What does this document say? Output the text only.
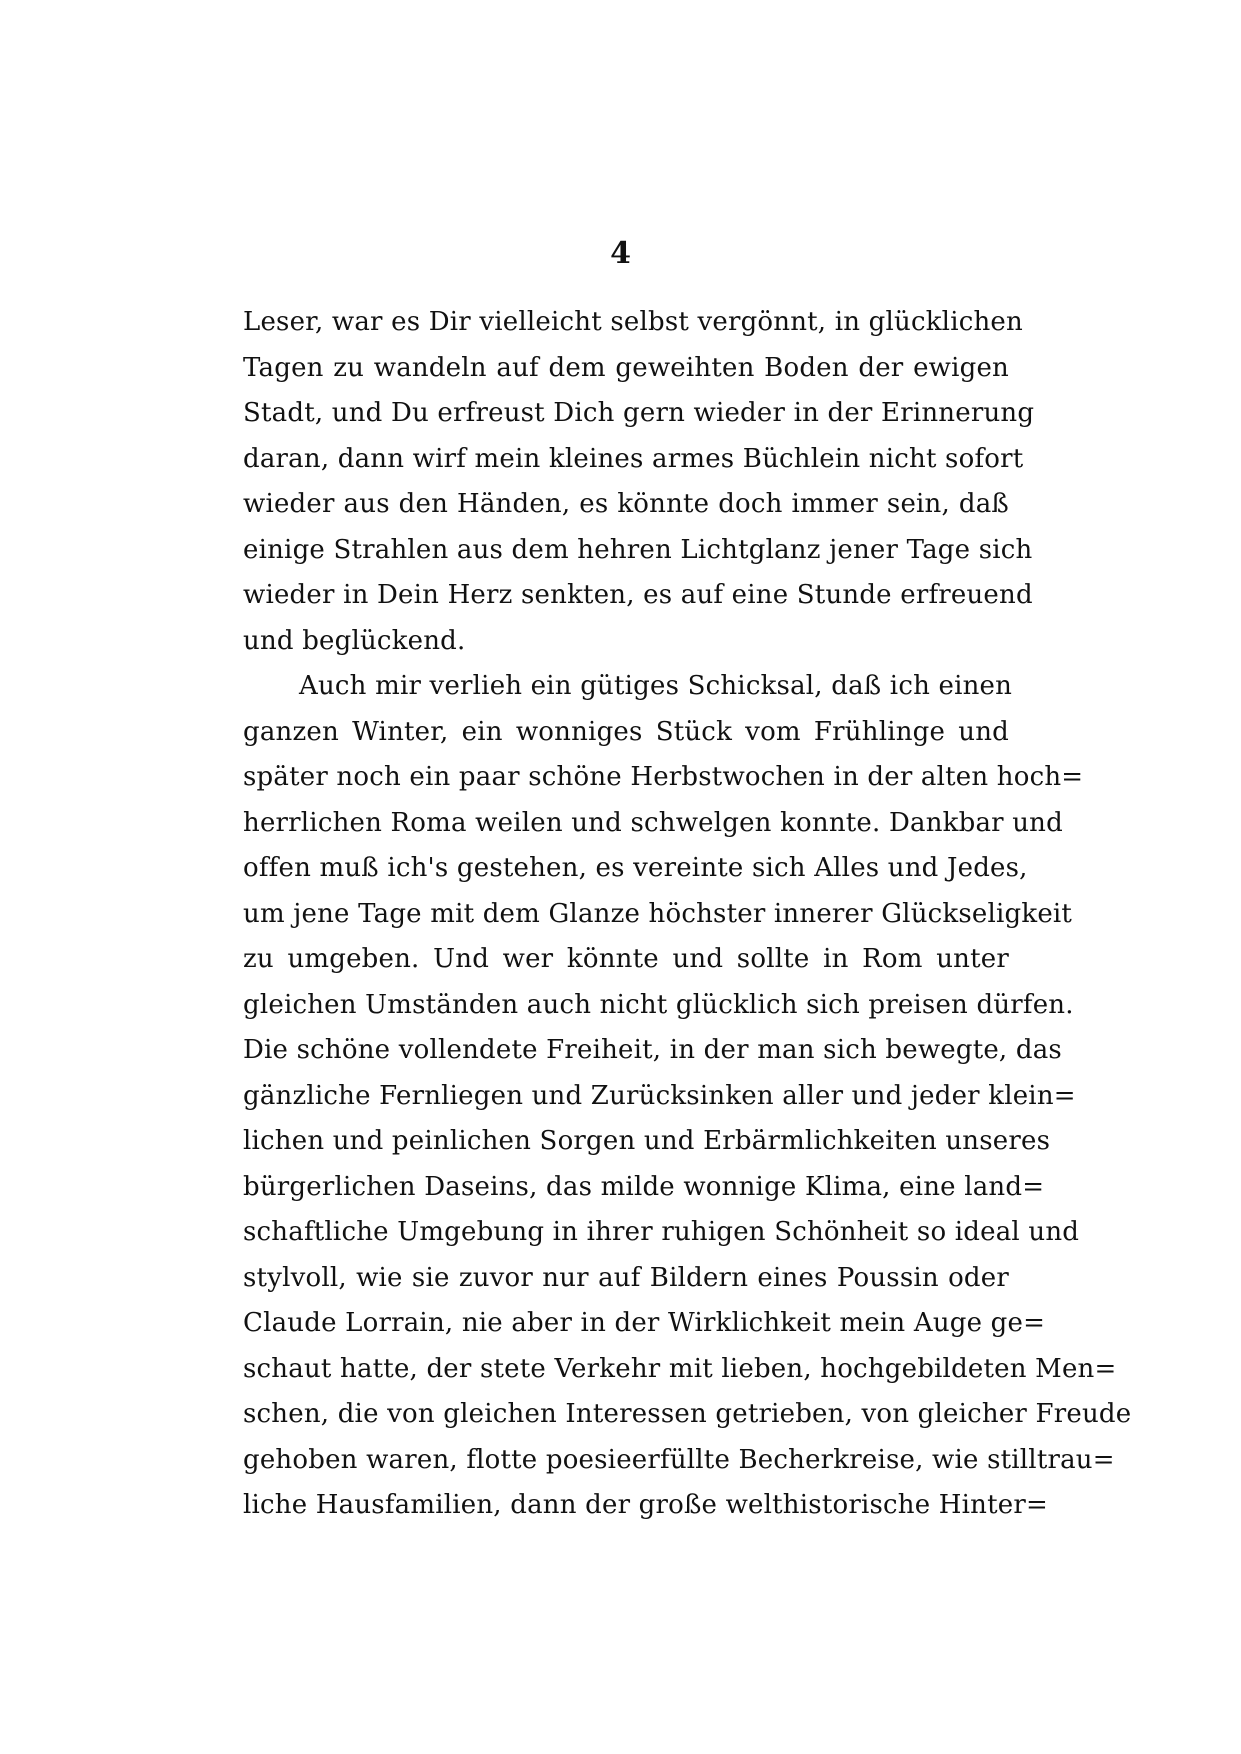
4
Leser, war es Dir vielleicht selbst vergönnt, in glücklichen
Tagen zu wandeln auf dem geweihten Boden der ewigen
Stadt, und Du erfreust Dich gern wieder in der Erinnerung
daran, dann wirf mein kleines armes Büchlein nicht sofort
wieder aus den Händen, es könnte doch immer sein, daß
einige Strahlen aus dem hehren Lichtglanz jener Tage sich
wieder in Dein Herz senkten, es auf eine Stunde erfreuend
und beglückend.
Auch mir verlieh ein gütiges Schicksal, daß ich einen
ganzen Winter, ein wonniges Stück vom Frühlinge und
später noch ein paar schöne Herbstwochen in der alten hoch=
herrlichen Roma weilen und schwelgen konnte. Dankbar und
offen muß ich's gestehen, es vereinte sich Alles und Jedes,
um jene Tage mit dem Glanze höchster innerer Glückseligkeit
zu umgeben. Und wer könnte und sollte in Rom unter
gleichen Umständen auch nicht glücklich sich preisen dürfen.
Die schöne vollendete Freiheit, in der man sich bewegte, das
gänzliche Fernliegen und Zurücksinken aller und jeder klein=
lichen und peinlichen Sorgen und Erbärmlichkeiten unseres
bürgerlichen Daseins, das milde wonnige Klima, eine land=
schaftliche Umgebung in ihrer ruhigen Schönheit so ideal und
stylvoll, wie sie zuvor nur auf Bildern eines Poussin oder
Claude Lorrain, nie aber in der Wirklichkeit mein Auge ge=
schaut hatte, der stete Verkehr mit lieben, hochgebildeten Men=
schen, die von gleichen Interessen getrieben, von gleicher Freude
gehoben waren, flotte poesieerfüllte Becherkreise, wie stilltrau=
liche Hausfamilien, dann der große welthistorische Hinter=
